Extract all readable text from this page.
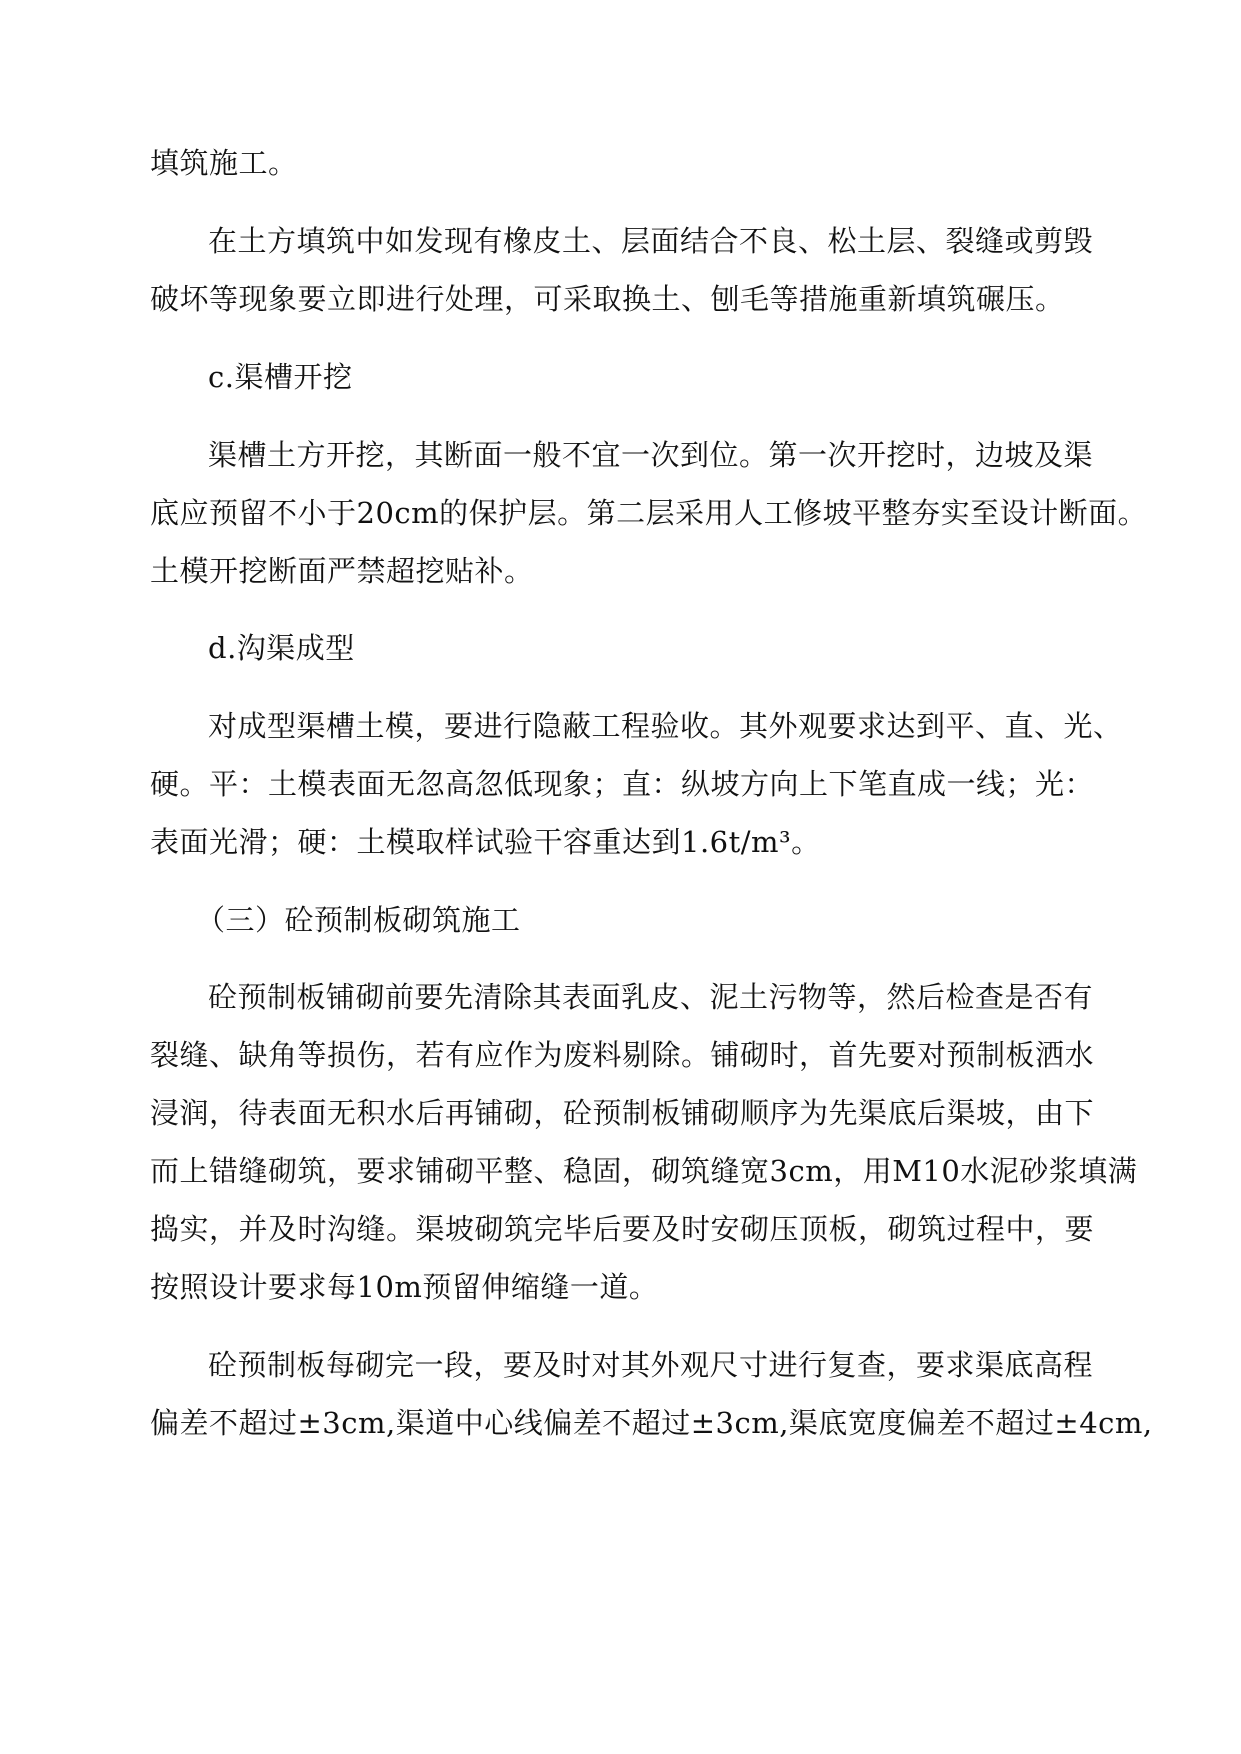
填筑施工。
在土方填筑中如发现有橡皮土、层面结合不良、松土层、裂缝或剪毁
破坏等现象要立即进行处理，可采取换土、刨毛等措施重新填筑碾压。
c.渠槽开挖
渠槽土方开挖，其断面一般不宜一次到位。第一次开挖时，边坡及渠
底应预留不小于20cm的保护层。第二层采用人工修坡平整夯实至设计断面。
土模开挖断面严禁超挖贴补。
d.沟渠成型
对成型渠槽土模，要进行隐蔽工程验收。其外观要求达到平、直、光、
硬。平：土模表面无忽高忽低现象；直：纵坡方向上下笔直成一线；光：
表面光滑；硬：土模取样试验干容重达到1.6t/m³。
（三）砼预制板砌筑施工
砼预制板铺砌前要先清除其表面乳皮、泥土污物等，然后检查是否有
裂缝、缺角等损伤，若有应作为废料剔除。铺砌时，首先要对预制板洒水
浸润，待表面无积水后再铺砌，砼预制板铺砌顺序为先渠底后渠坡，由下
而上错缝砌筑，要求铺砌平整、稳固，砌筑缝宽3cm，用M10水泥砂浆填满
捣实，并及时沟缝。渠坡砌筑完毕后要及时安砌压顶板，砌筑过程中，要
按照设计要求每10m预留伸缩缝一道。
砼预制板每砌完一段，要及时对其外观尺寸进行复查，要求渠底高程
偏差不超过±3cm,渠道中心线偏差不超过±3cm,渠底宽度偏差不超过±4cm,
